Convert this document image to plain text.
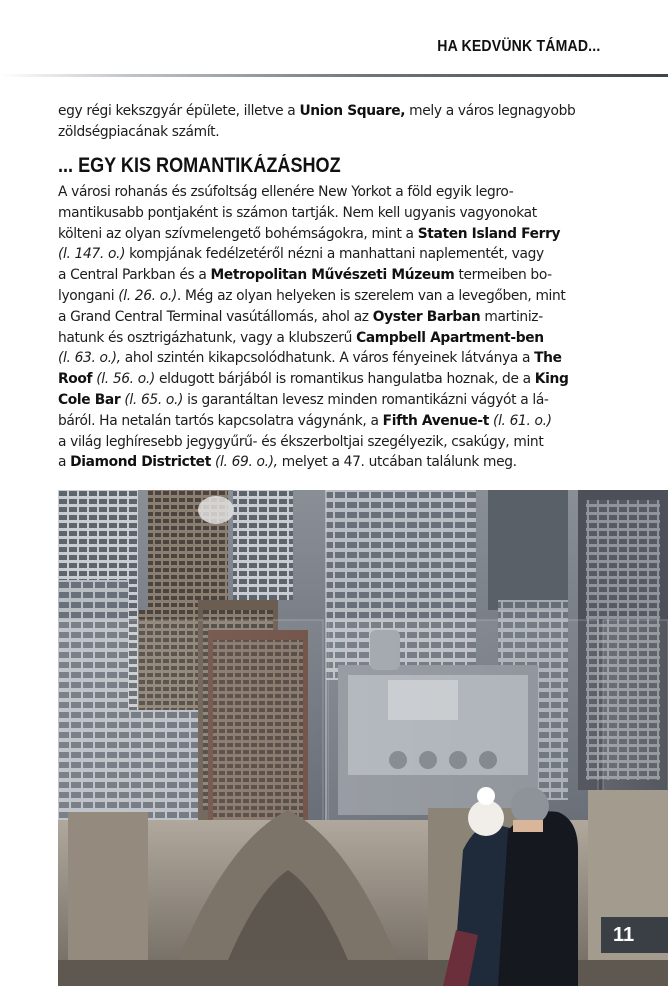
HA KEDVÜNK TÁMAD...
egy régi kekszgyár épülete, illetve a Union Square, mely a város legnagyobb
zöldségpiacának számít.
... EGY KIS ROMANTIKÁZÁSHOZ
A városi rohanás és zsúfoltság ellenére New Yorkot a föld egyik legro-
mantikusabb pontjaként is számon tartják. Nem kell ugyanis vagyonokat
költeni az olyan szívmelengető bohémságokra, mint a Staten Island Ferry
(l. 147. o.) kompjának fedélzetéről nézni a manhattani naplementét, vagy
a Central Parkban és a Metropolitan Művészeti Múzeum termeiben bo-
lyongani (l. 26. o.). Még az olyan helyeken is szerelem van a levegőben, mint
a Grand Central Terminal vasútállomás, ahol az Oyster Barban martiniz-
hatunk és osztrigázhatunk, vagy a klubszerű Campbell Apartment-ben
(l. 63. o.), ahol szintén kikapcsolódhatunk. A város fényeinek látványa a The
Roof (l. 56. o.) eldugott bárjából is romantikus hangulatba hoznak, de a King
Cole Bar (l. 65. o.) is garantáltan levesz minden romantikázni vágyót a lá-
báról. Ha netalán tartós kapcsolatra vágynánk, a Fifth Avenue-t (l. 61. o.)
a világ leghíresebb jegygyűrű- és ékszerboltjai szegélyezik, csakúgy, mint
a Diamond Districtet (l. 69. o.), melyet a 47. utcában találunk meg.
11
